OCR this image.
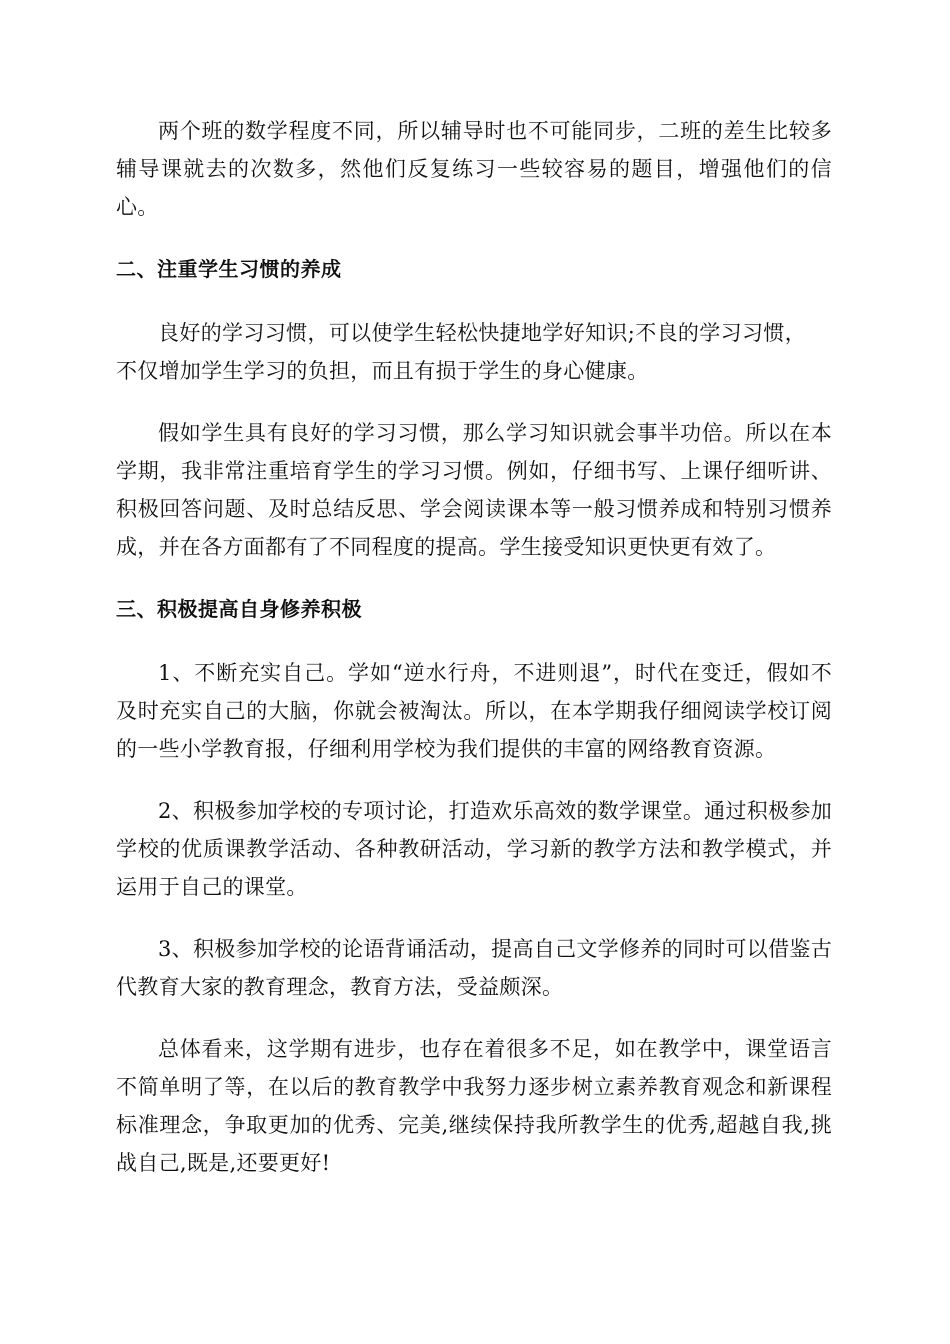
两个班的数学程度不同，所以辅导时也不可能同步，二班的差生比较多辅导课就去的次数多，然他们反复练习一些较容易的题目，增强他们的信心。

二、注重学生习惯的养成

良好的学习习惯，可以使学生轻松快捷地学好知识;不良的学习习惯，不仅增加学生学习的负担，而且有损于学生的身心健康。

假如学生具有良好的学习习惯，那么学习知识就会事半功倍。所以在本学期，我非常注重培育学生的学习习惯。例如，仔细书写、上课仔细听讲、积极回答问题、及时总结反思、学会阅读课本等一般习惯养成和特别习惯养成，并在各方面都有了不同程度的提高。学生接受知识更快更有效了。

三、积极提高自身修养积极

1、不断充实自己。学如“逆水行舟，不进则退”，时代在变迁，假如不及时充实自己的大脑，你就会被淘汰。所以，在本学期我仔细阅读学校订阅的一些小学教育报，仔细利用学校为我们提供的丰富的网络教育资源。

2、积极参加学校的专项讨论，打造欢乐高效的数学课堂。通过积极参加学校的优质课教学活动、各种教研活动，学习新的教学方法和教学模式，并运用于自己的课堂。

3、积极参加学校的论语背诵活动，提高自己文学修养的同时可以借鉴古代教育大家的教育理念，教育方法，受益颇深。

总体看来，这学期有进步，也存在着很多不足，如在教学中，课堂语言不简单明了等，在以后的教育教学中我努力逐步树立素养教育观念和新课程标准理念，争取更加的优秀、完美,继续保持我所教学生的优秀,超越自我,挑战自己,既是,还要更好!
